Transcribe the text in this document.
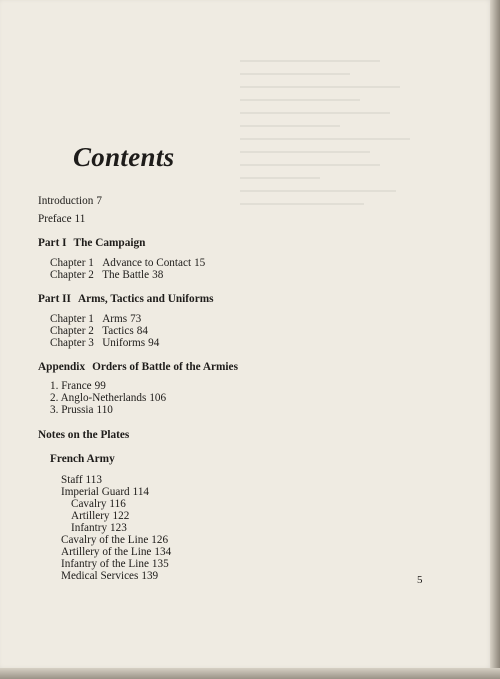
Contents
Introduction 7
Preface 11
Part I The Campaign
Chapter 1 Advance to Contact 15
Chapter 2 The Battle 38
Part II Arms, Tactics and Uniforms
Chapter 1 Arms 73
Chapter 2 Tactics 84
Chapter 3 Uniforms 94
Appendix Orders of Battle of the Armies
1. France 99
2. Anglo-Netherlands 106
3. Prussia 110
Notes on the Plates
French Army
Staff 113
Imperial Guard 114
Cavalry 116
Artillery 122
Infantry 123
Cavalry of the Line 126
Artillery of the Line 134
Infantry of the Line 135
Medical Services 139	5
